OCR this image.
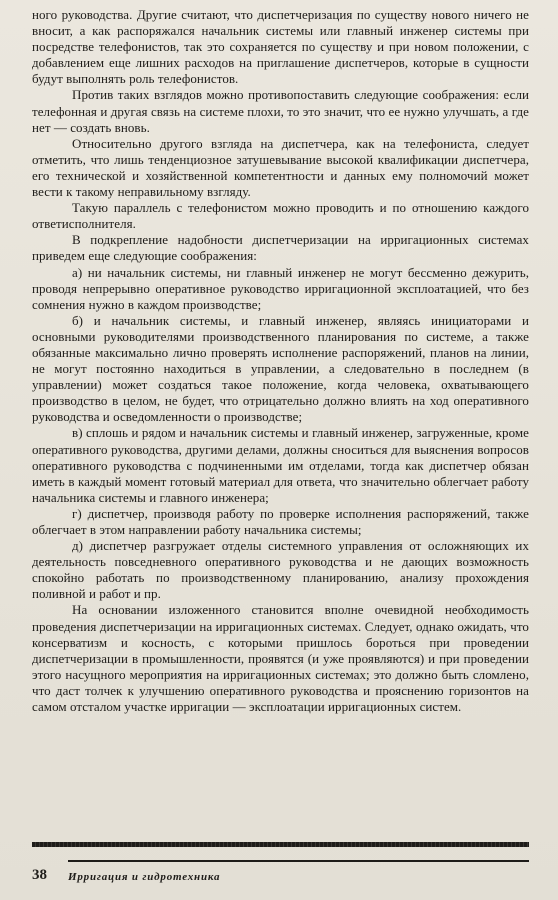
ного руководства. Другие считают, что диспетчеризация по существу нового ничего не вносит, а как распоряжался начальник системы или главный инженер системы при посредстве телефонистов, так это сохраняется по существу и при новом положении, с добавлением еще лишних расходов на приглашение диспетчеров, которые в сущности будут выполнять роль телефонистов.

Против таких взглядов можно противопоставить следующие соображения: если телефонная и другая связь на системе плохи, то это значит, что ее нужно улучшать, а где нет — создать вновь.

Относительно другого взгляда на диспетчера, как на телефониста, следует отметить, что лишь тенденциозное затушевывание высокой квалификации диспетчера, его технической и хозяйственной компетентности и данных ему полномочий может вести к такому неправильному взгляду.

Такую параллель с телефонистом можно проводить и по отношению каждого ответисполнителя.

В подкрепление надобности диспетчеризации на ирригационных системах приведем еще следующие соображения:

а) ни начальник системы, ни главный инженер не могут бессменно дежурить, проводя непрерывно оперативное руководство ирригационной эксплоатацией, что без сомнения нужно в каждом производстве;

б) и начальник системы, и главный инженер, являясь инициаторами и основными руководителями производственного планирования по системе, а также обязанные максимально лично проверять исполнение распоряжений, планов на линии, не могут постоянно находиться в управлении, а следовательно в последнем (в управлении) может создаться такое положение, когда человека, охватывающего производство в целом, не будет, что отрицательно должно влиять на ход оперативного руководства и осведомленности о производстве;

в) сплошь и рядом и начальник системы и главный инженер, загруженные, кроме оперативного руководства, другими делами, должны сноситься для выяснения вопросов оперативного руководства с подчиненными им отделами, тогда как диспетчер обязан иметь в каждый момент готовый материал для ответа, что значительно облегчает работу начальника системы и главного инженера;

г) диспетчер, производя работу по проверке исполнения распоряжений, также облегчает в этом направлении работу начальника системы;

д) диспетчер разгружает отделы системного управления от осложняющих их деятельность повседневного оперативного руководства и не дающих возможность спокойно работать по производственному планированию, анализу прохождения поливной и работ и пр.

На основании изложенного становится вполне очевидной необходимость проведения диспетчеризации на ирригационных системах. Следует, однако ожидать, что консерватизм и косность, с которыми пришлось бороться при проведении диспетчеризации в промышленности, проявятся (и уже проявляются) и при проведении этого насущного мероприятия на ирригационных системах; это должно быть сломлено, что даст толчек к улучшению оперативного руководства и прояснению горизонтов на самом отсталом участке ирригации — эксплоатации ирригационных систем.

38 Ирригация и гидротехника
